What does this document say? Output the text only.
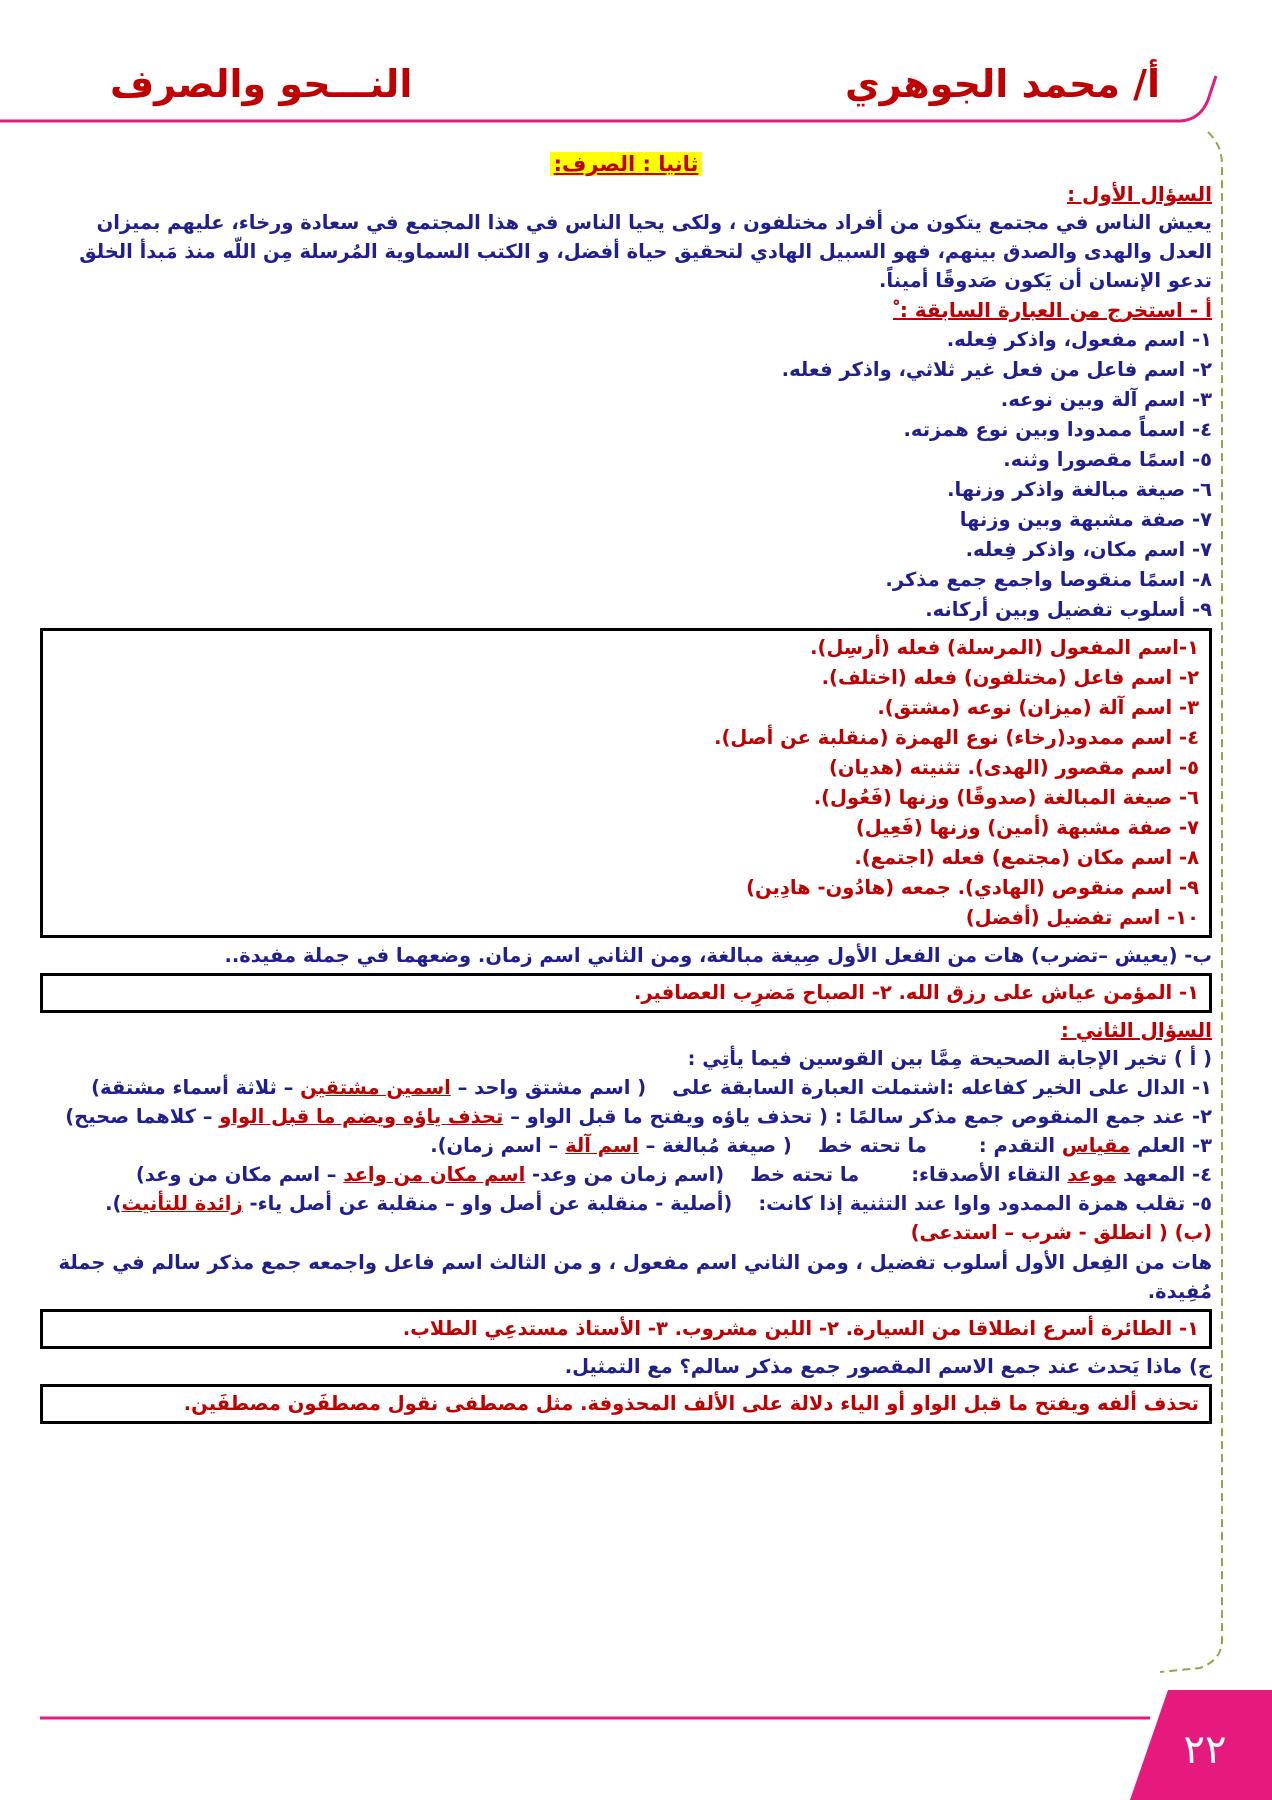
أ/ محمد الجوهري
النـــحو والصرف
ثانيا : الصرف:
السؤال الأول :
يعيش الناس في مجتمع يتكون من أفراد مختلفون ، ولكى يحيا الناس في هذا المجتمع في سعادة ورخاء، عليهم بميزان العدل والهدى والصدق بينهم، فهو السبيل الهادي لتحقيق حياة أفضل، و الكتب السماوية المُرسلة مِن اللّه منذ مَبدأ الخلق تدعو الإنسان أن يَكون صَدوقًا أميناً.
أ - استخرج من العبارة السابقة : ْ
١- اسم مفعول، واذكر فِعله.
٢- اسم فاعل من فعل غير ثلاثي، واذكر فعله.
٣- اسم آلة وبين نوعه.
٤- اسماً ممدودا وبين نوع همزته.
٥- اسمًا مقصورا وثنه.
٦- صيغة مبالغة واذكر وزنها.
٧- صفة مشبهة وبين وزنها
٧- اسم مكان، واذكر فِعله.
٨- اسمًا منقوصا واجمع جمع مذكر.
٩- أسلوب تفضيل وبين أركانه.
١-اسم المفعول (المرسلة) فعله (أرسِل).
٢- اسم فاعل (مختلفون) فعله (اختلف).
٣- اسم آلة (ميزان) نوعه (مشتق).
٤- اسم ممدود(رخاء) نوع الهمزة (منقلبة عن أصل).
٥- اسم مقصور (الهدى). تثنيته (هديان)
٦- صيغة المبالغة (صدوقًا) وزنها (فَعُول).
٧- صفة مشبهة (أمين) وزنها (فَعِيل)
٨- اسم مكان (مجتمع) فعله (اجتمع).
٩- اسم منقوص (الهادي). جمعه (هادُون- هادِين)
١٠- اسم تفضيل (أفضل)
ب- (يعيش –تضرب) هات من الفعل الأول صِيغة مبالغة، ومن الثاني اسم زمان. وضعهما في جملة مفيدة..
١- المؤمن عياش على رزق الله. ٢- الصباح مَضرِب العصافير.
السؤال الثاني :
( أ ) تخير الإجابة الصحيحة مِمَّا بين القوسين فيما يأتِي :
١- الدال على الخير كفاعله :اشتملت العبارة السابقة على( اسم مشتق واحد – اسمين مشتقين – ثلاثة أسماء مشتقة)
٢- عند جمع المنقوص جمع مذكر سالمًا : ( تحذف ياؤه ويفتح ما قبل الواو – تحذف ياؤه ويضم ما قبل الواو – كلاهما صحيح)
٣- العلم مقياس التقدم :ما تحته خط( صيغة مُبالغة – اسم آلة – اسم زمان).
٤- المعهد موعد التقاء الأصدقاء:ما تحته خط(اسم زمان من وعد- اسم مكان من واعد – اسم مكان من وعد)
٥- تقلب همزة الممدود واوا عند التثنية إذا كانت:(أصلية - منقلبة عن أصل واو – منقلبة عن أصل ياء- زائدة للتأنيث).
(ب) ( انطلق - شرب – استدعى)
هات من الفِعل الأول أسلوب تفضيل ، ومن الثاني اسم مفعول ، و من الثالث اسم فاعل واجمعه جمع مذكر سالم في جملة مُفِيدة.
١- الطائرة أسرع انطلاقا من السيارة. ٢- اللبن مشروب. ٣- الأستاذ مستدعِي الطلاب.
ج) ماذا يَحدث عند جمع الاسم المقصور جمع مذكر سالم؟ مع التمثيل.
تحذف ألفه ويفتح ما قبل الواو أو الياء دلالة على الألف المحذوفة. مثل مصطفى نقول مصطفَون مصطفَين.
٢٢
